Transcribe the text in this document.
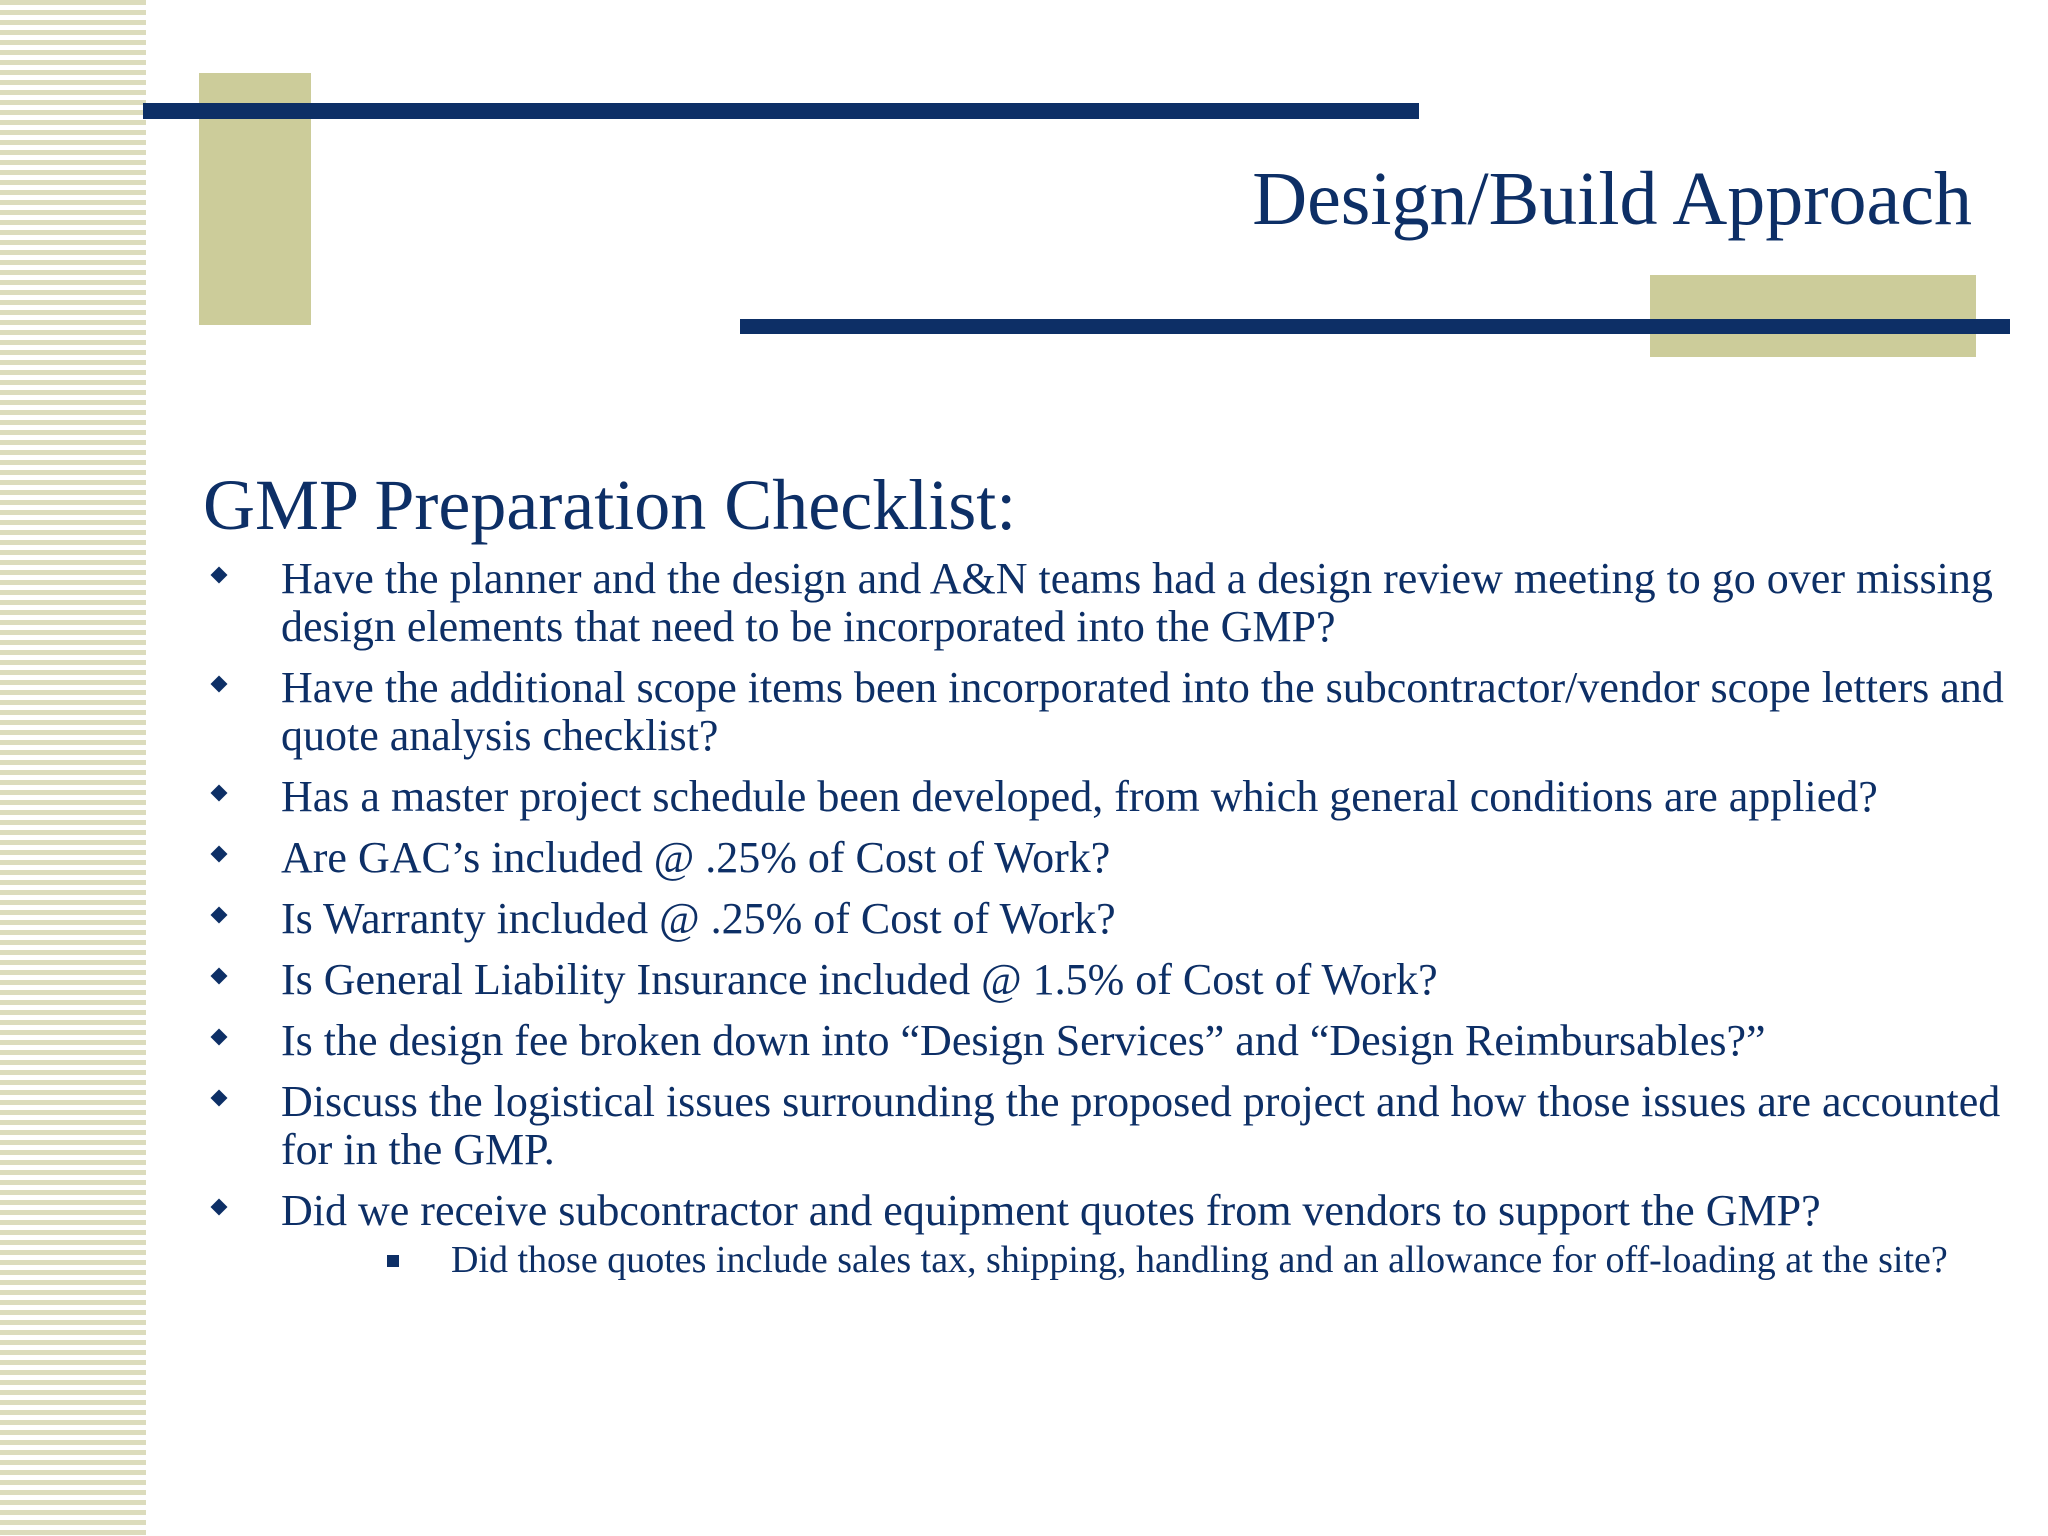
Design/Build Approach
GMP Preparation Checklist:
Have the planner and the design and A&N teams had a design review meeting to go over missing design elements that need to be incorporated into the GMP?
Have the additional scope items been incorporated into the subcontractor/vendor scope letters and quote analysis checklist?
Has a master project schedule been developed, from which general conditions are applied?
Are GAC’s included @ .25% of Cost of Work?
Is Warranty included @ .25% of Cost of Work?
Is General Liability Insurance included @ 1.5% of Cost of Work?
Is the design fee broken down into “Design Services” and “Design Reimbursables?”
Discuss the logistical issues surrounding the proposed project and how those issues are accounted for in the GMP.
Did we receive subcontractor and equipment quotes from vendors to support the GMP?
Did those quotes include sales tax, shipping, handling and an allowance for off-loading at the site?
